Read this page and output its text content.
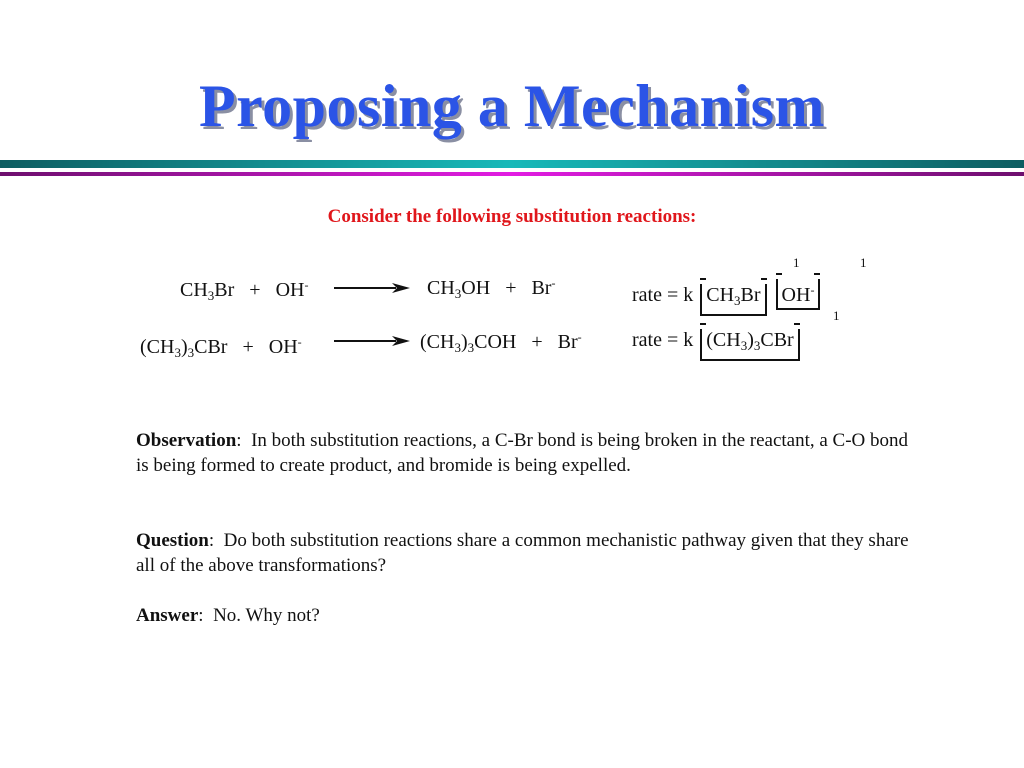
Proposing a Mechanism
Consider the following substitution reactions:
$CH_3Br + OH^-$	$CH_3OH + Br^-$
rate = k $CH_3Br$ OH-
1	1
$(CH_3)_3CBr + OH^-$	$(CH_3)_3COH + Br^-$	rate = k $(CH_3)_3CBr$
1
Observation:  In both substitution reactions, a C-Br bond is being broken in the reactant, a C-O bond is being formed to create product, and bromide is being expelled.
Question:  Do both substitution reactions share a common mechanistic pathway given that they share all of the above transformations?
Answer:  No. Why not?
